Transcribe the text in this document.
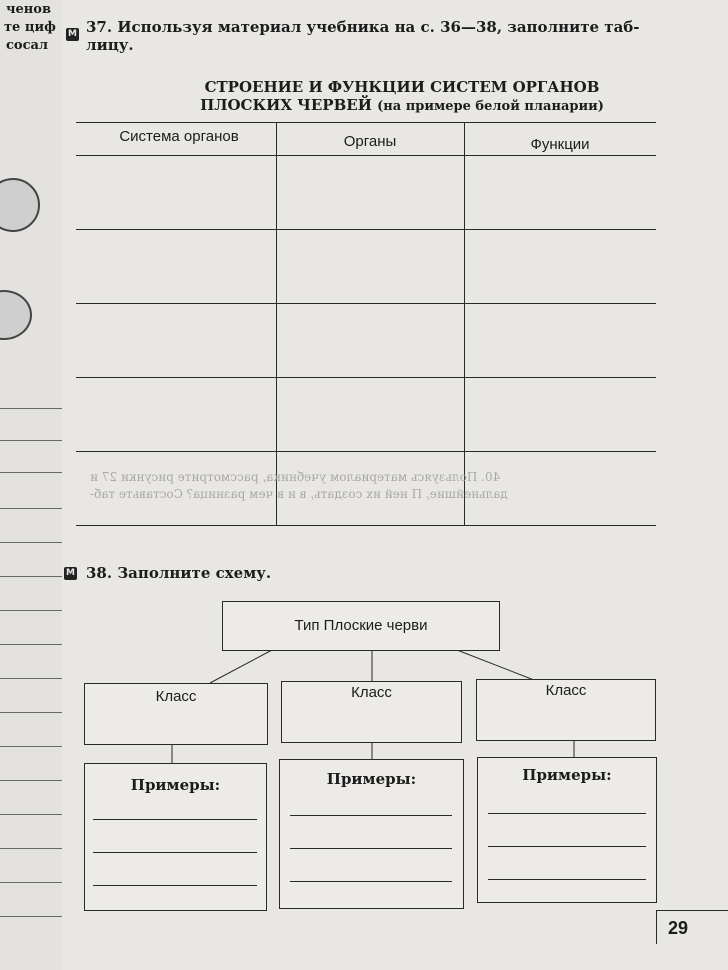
ченов
те циф
сосал
М 37. Используя материал учебника на с. 36—38, заполните таб-
лицу.
СТРОЕНИЕ И ФУНКЦИИ СИСТЕМ ОРГАНОВ
ПЛОСКИХ ЧЕРВЕЙ (на примере белой планарии)
Система органов	Органы	Функции
40. Пользуясь материалом учебника, рассмотрите рисунки 27 и
дальнейшие, П ней их создать, в и в чем разница? Составьте таб-
М 38. Заполните схему.
Тип Плоские черви
Класс	Класс	Класс
Примеры:	Примеры:	Примеры:
29
